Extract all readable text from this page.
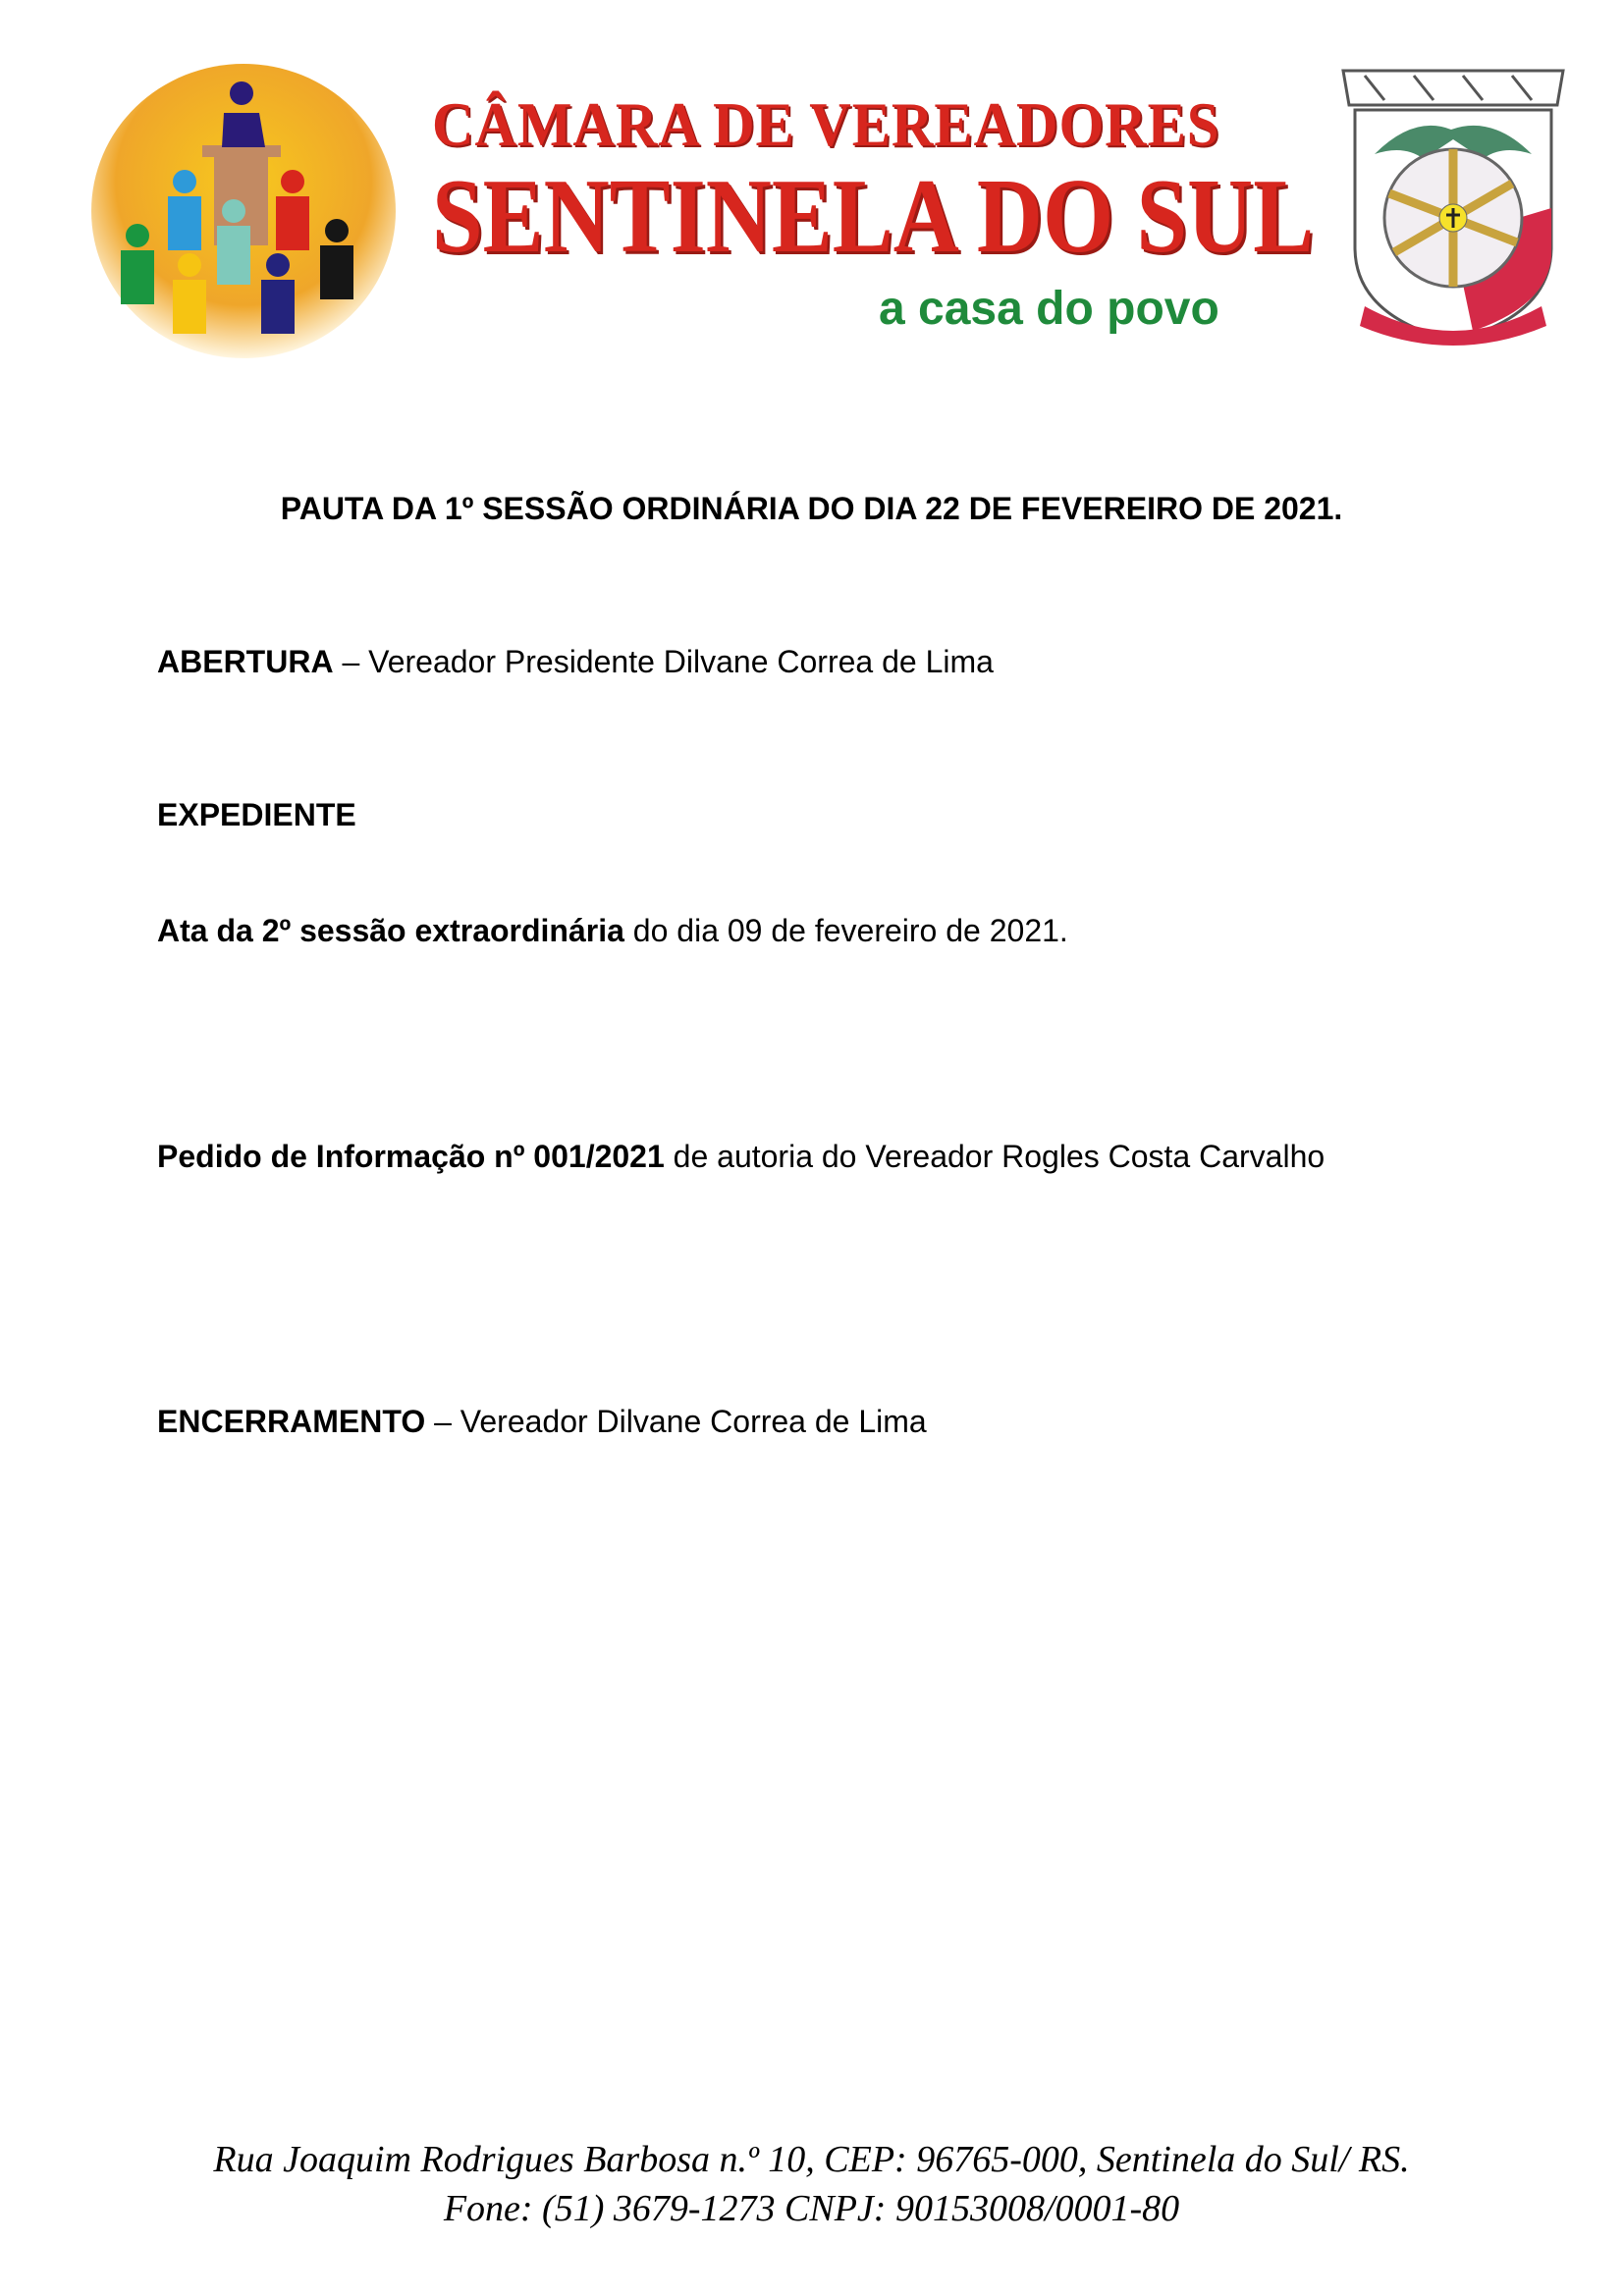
CÂMARA DE VEREADORES
SENTINELA DO SUL
a casa do povo
PAUTA DA 1º SESSÃO ORDINÁRIA DO DIA 22 DE FEVEREIRO DE 2021.
ABERTURA – Vereador Presidente Dilvane Correa de Lima
EXPEDIENTE
Ata da 2º sessão extraordinária do dia 09 de fevereiro de 2021.
Pedido de Informação nº 001/2021 de autoria do Vereador Rogles Costa Carvalho
ENCERRAMENTO – Vereador Dilvane Correa de Lima
Rua Joaquim Rodrigues Barbosa n.º 10, CEP: 96765-000, Sentinela do Sul/ RS.
Fone: (51) 3679-1273 CNPJ: 90153008/0001-80
